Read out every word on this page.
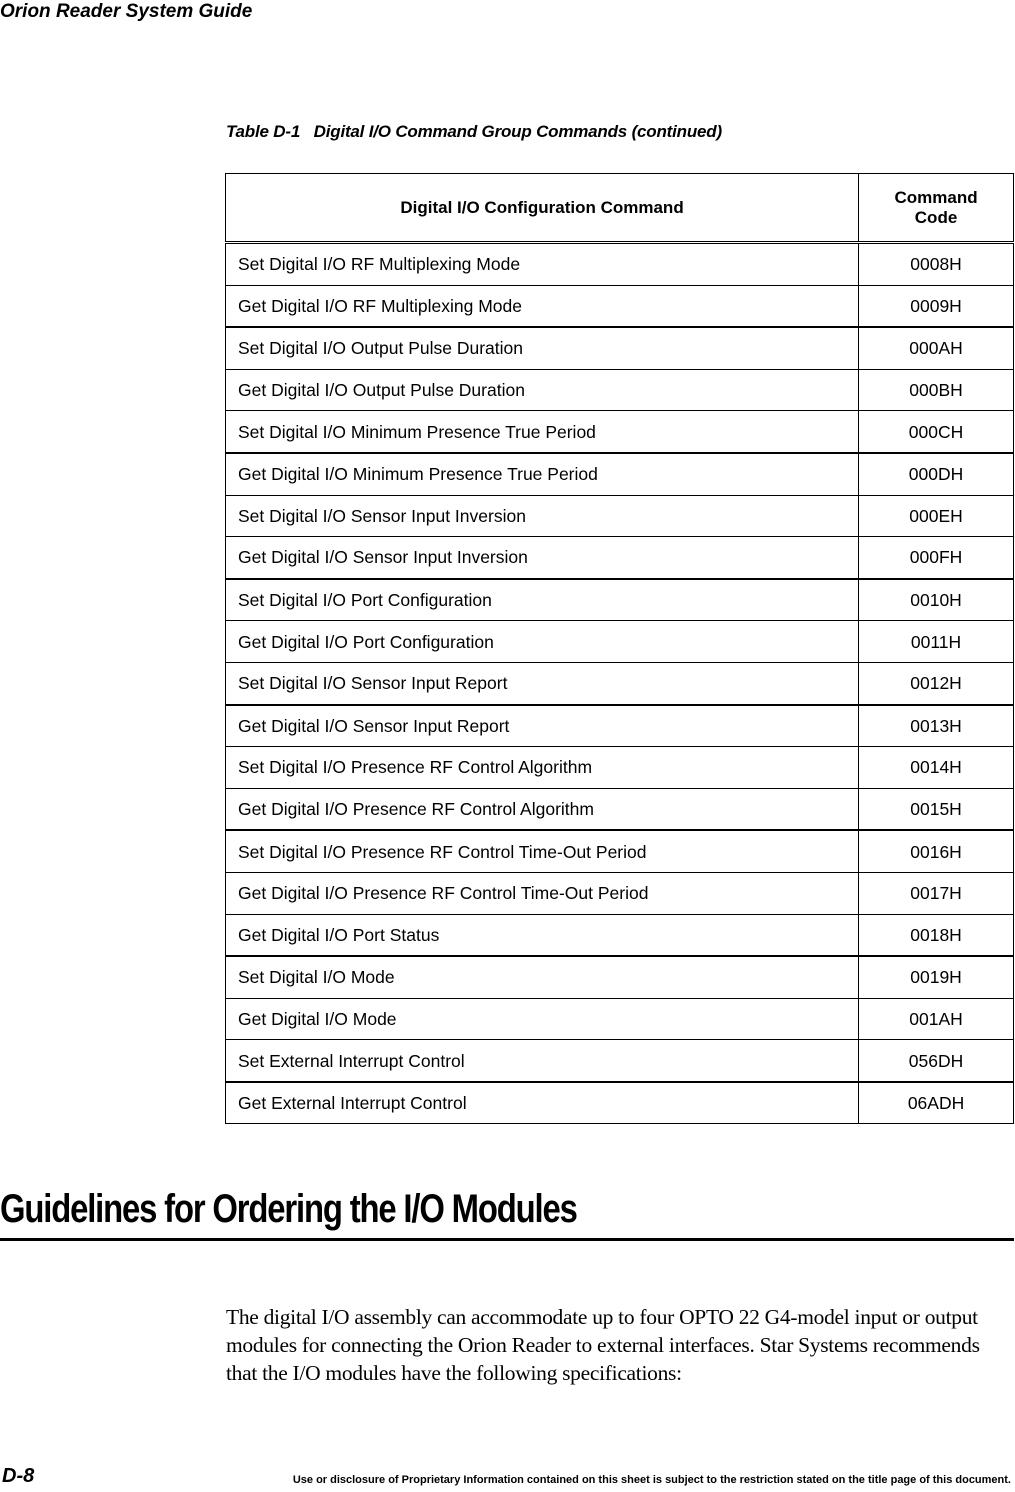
Orion Reader System Guide
Table D-1   Digital I/O Command Group Commands (continued)
Digital I/O Configuration Command	Command Code
Set Digital I/O RF Multiplexing Mode	0008H
Get Digital I/O RF Multiplexing Mode	0009H
Set Digital I/O Output Pulse Duration	000AH
Get Digital I/O Output Pulse Duration	000BH
Set Digital I/O Minimum Presence True Period	000CH
Get Digital I/O Minimum Presence True Period	000DH
Set Digital I/O Sensor Input Inversion	000EH
Get Digital I/O Sensor Input Inversion	000FH
Set Digital I/O Port Configuration	0010H
Get Digital I/O Port Configuration	0011H
Set Digital I/O Sensor Input Report	0012H
Get Digital I/O Sensor Input Report	0013H
Set Digital I/O Presence RF Control Algorithm	0014H
Get Digital I/O Presence RF Control Algorithm	0015H
Set Digital I/O Presence RF Control Time-Out Period	0016H
Get Digital I/O Presence RF Control Time-Out Period	0017H
Get Digital I/O Port Status	0018H
Set Digital I/O Mode	0019H
Get Digital I/O Mode	001AH
Set External Interrupt Control	056DH
Get External Interrupt Control	06ADH
Guidelines for Ordering the I/O Modules

The digital I/O assembly can accommodate up to four OPTO 22 G4-model input or output modules for connecting the Orion Reader to external interfaces. Star Systems recommends that the I/O modules have the following specifications:

D-8	Use or disclosure of Proprietary Information contained on this sheet is subject to the restriction stated on the title page of this document.
